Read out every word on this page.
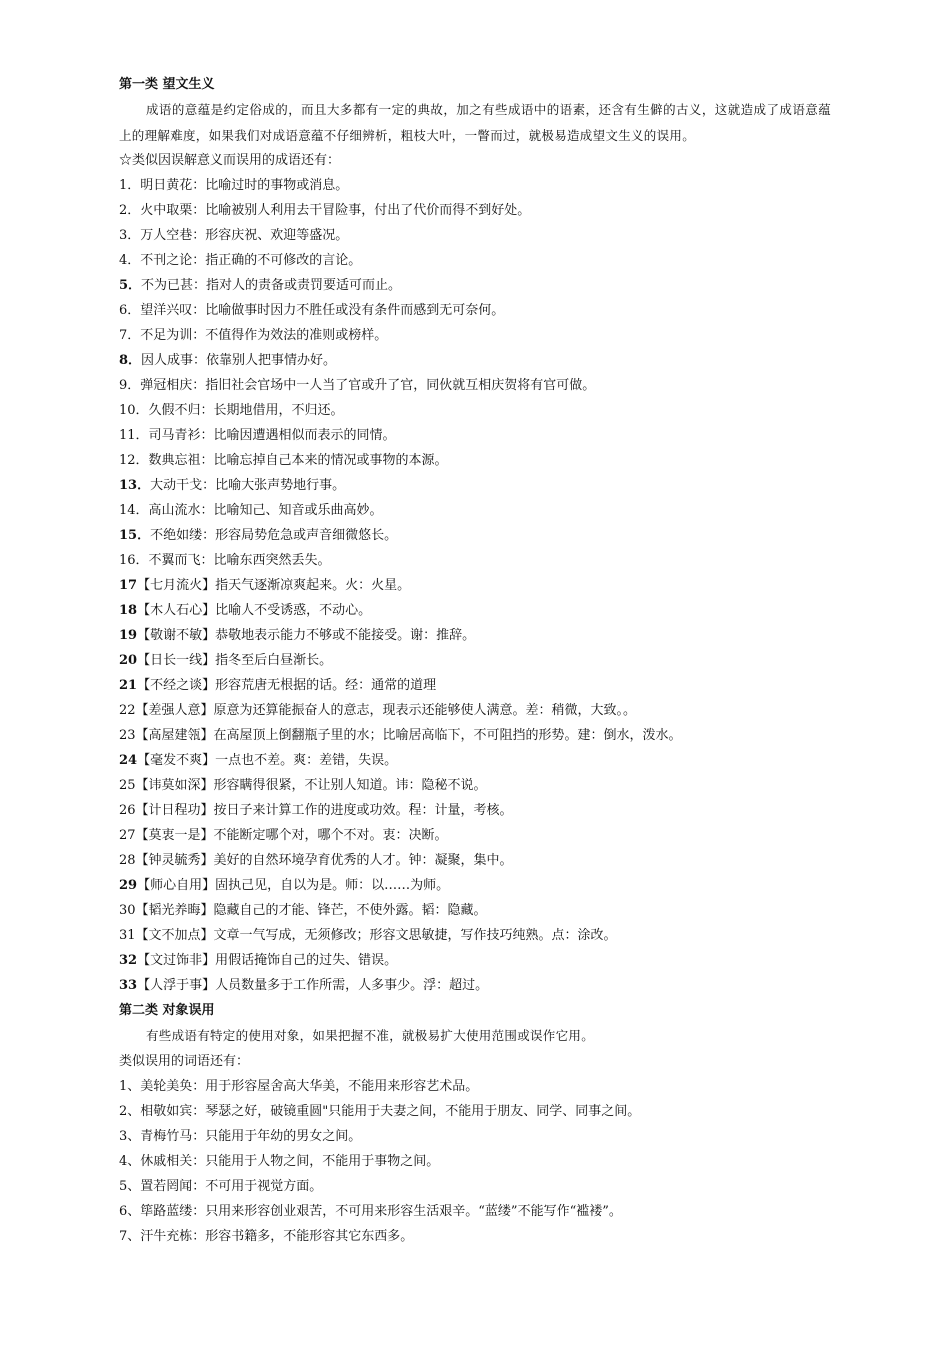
第一类 望文生义
成语的意蕴是约定俗成的，而且大多都有一定的典故，加之有些成语中的语素，还含有生僻的古义，这就造成了成语意蕴上的理解难度，如果我们对成语意蕴不仔细辨析，粗枝大叶，一瞥而过，就极易造成望文生义的误用。
☆类似因误解意义而误用的成语还有：
1．明日黄花：比喻过时的事物或消息。
2．火中取栗：比喻被别人利用去干冒险事，付出了代价而得不到好处。
3．万人空巷：形容庆祝、欢迎等盛况。
4．不刊之论：指正确的不可修改的言论。
5．不为已甚：指对人的责备或责罚要适可而止。
6．望洋兴叹：比喻做事时因力不胜任或没有条件而感到无可奈何。
7．不足为训：不值得作为效法的准则或榜样。
8．因人成事：依靠别人把事情办好。
9．弹冠相庆：指旧社会官场中一人当了官或升了官，同伙就互相庆贺将有官可做。
10．久假不归：长期地借用，不归还。
11．司马青衫：比喻因遭遇相似而表示的同情。
12．数典忘祖：比喻忘掉自己本来的情况或事物的本源。
13．大动干戈：比喻大张声势地行事。
14．高山流水：比喻知己、知音或乐曲高妙。
15．不绝如缕：形容局势危急或声音细微悠长。
16．不翼而飞：比喻东西突然丢失。
17【七月流火】指天气逐渐凉爽起来。火：火星。
18【木人石心】比喻人不受诱惑，不动心。
19【敬谢不敏】恭敬地表示能力不够或不能接受。谢：推辞。
20【日长一线】指冬至后白昼渐长。
21【不经之谈】形容荒唐无根据的话。经：通常的道理
22【差强人意】原意为还算能振奋人的意志，现表示还能够使人满意。差：稍微，大致。。
23【高屋建瓴】在高屋顶上倒翻瓶子里的水；比喻居高临下，不可阻挡的形势。建：倒水，泼水。
24【毫发不爽】一点也不差。爽：差错，失误。
25【讳莫如深】形容瞒得很紧，不让别人知道。讳：隐秘不说。
26【计日程功】按日子来计算工作的进度或功效。程：计量，考核。
27【莫衷一是】不能断定哪个对，哪个不对。衷：决断。
28【钟灵毓秀】美好的自然环境孕育优秀的人才。钟：凝聚，集中。
29【师心自用】固执己见，自以为是。师：以……为师。
30【韬光养晦】隐藏自己的才能、锋芒，不使外露。韬：隐藏。
31【文不加点】文章一气写成，无须修改；形容文思敏捷，写作技巧纯熟。点：涂改。
32【文过饰非】用假话掩饰自己的过失、错误。
33【人浮于事】人员数量多于工作所需，人多事少。浮：超过。
第二类 对象误用
有些成语有特定的使用对象，如果把握不准，就极易扩大使用范围或误作它用。
类似误用的词语还有：
1、美轮美奂：用于形容屋舍高大华美，不能用来形容艺术品。
2、相敬如宾：琴瑟之好，破镜重圆"只能用于夫妻之间，不能用于朋友、同学、同事之间。
3、青梅竹马：只能用于年幼的男女之间。
4、休戚相关：只能用于人物之间，不能用于事物之间。
5、置若罔闻：不可用于视觉方面。
6、筚路蓝缕：只用来形容创业艰苦，不可用来形容生活艰辛。“蓝缕”不能写作“褴褛”。
7、汗牛充栋：形容书籍多，不能形容其它东西多。
